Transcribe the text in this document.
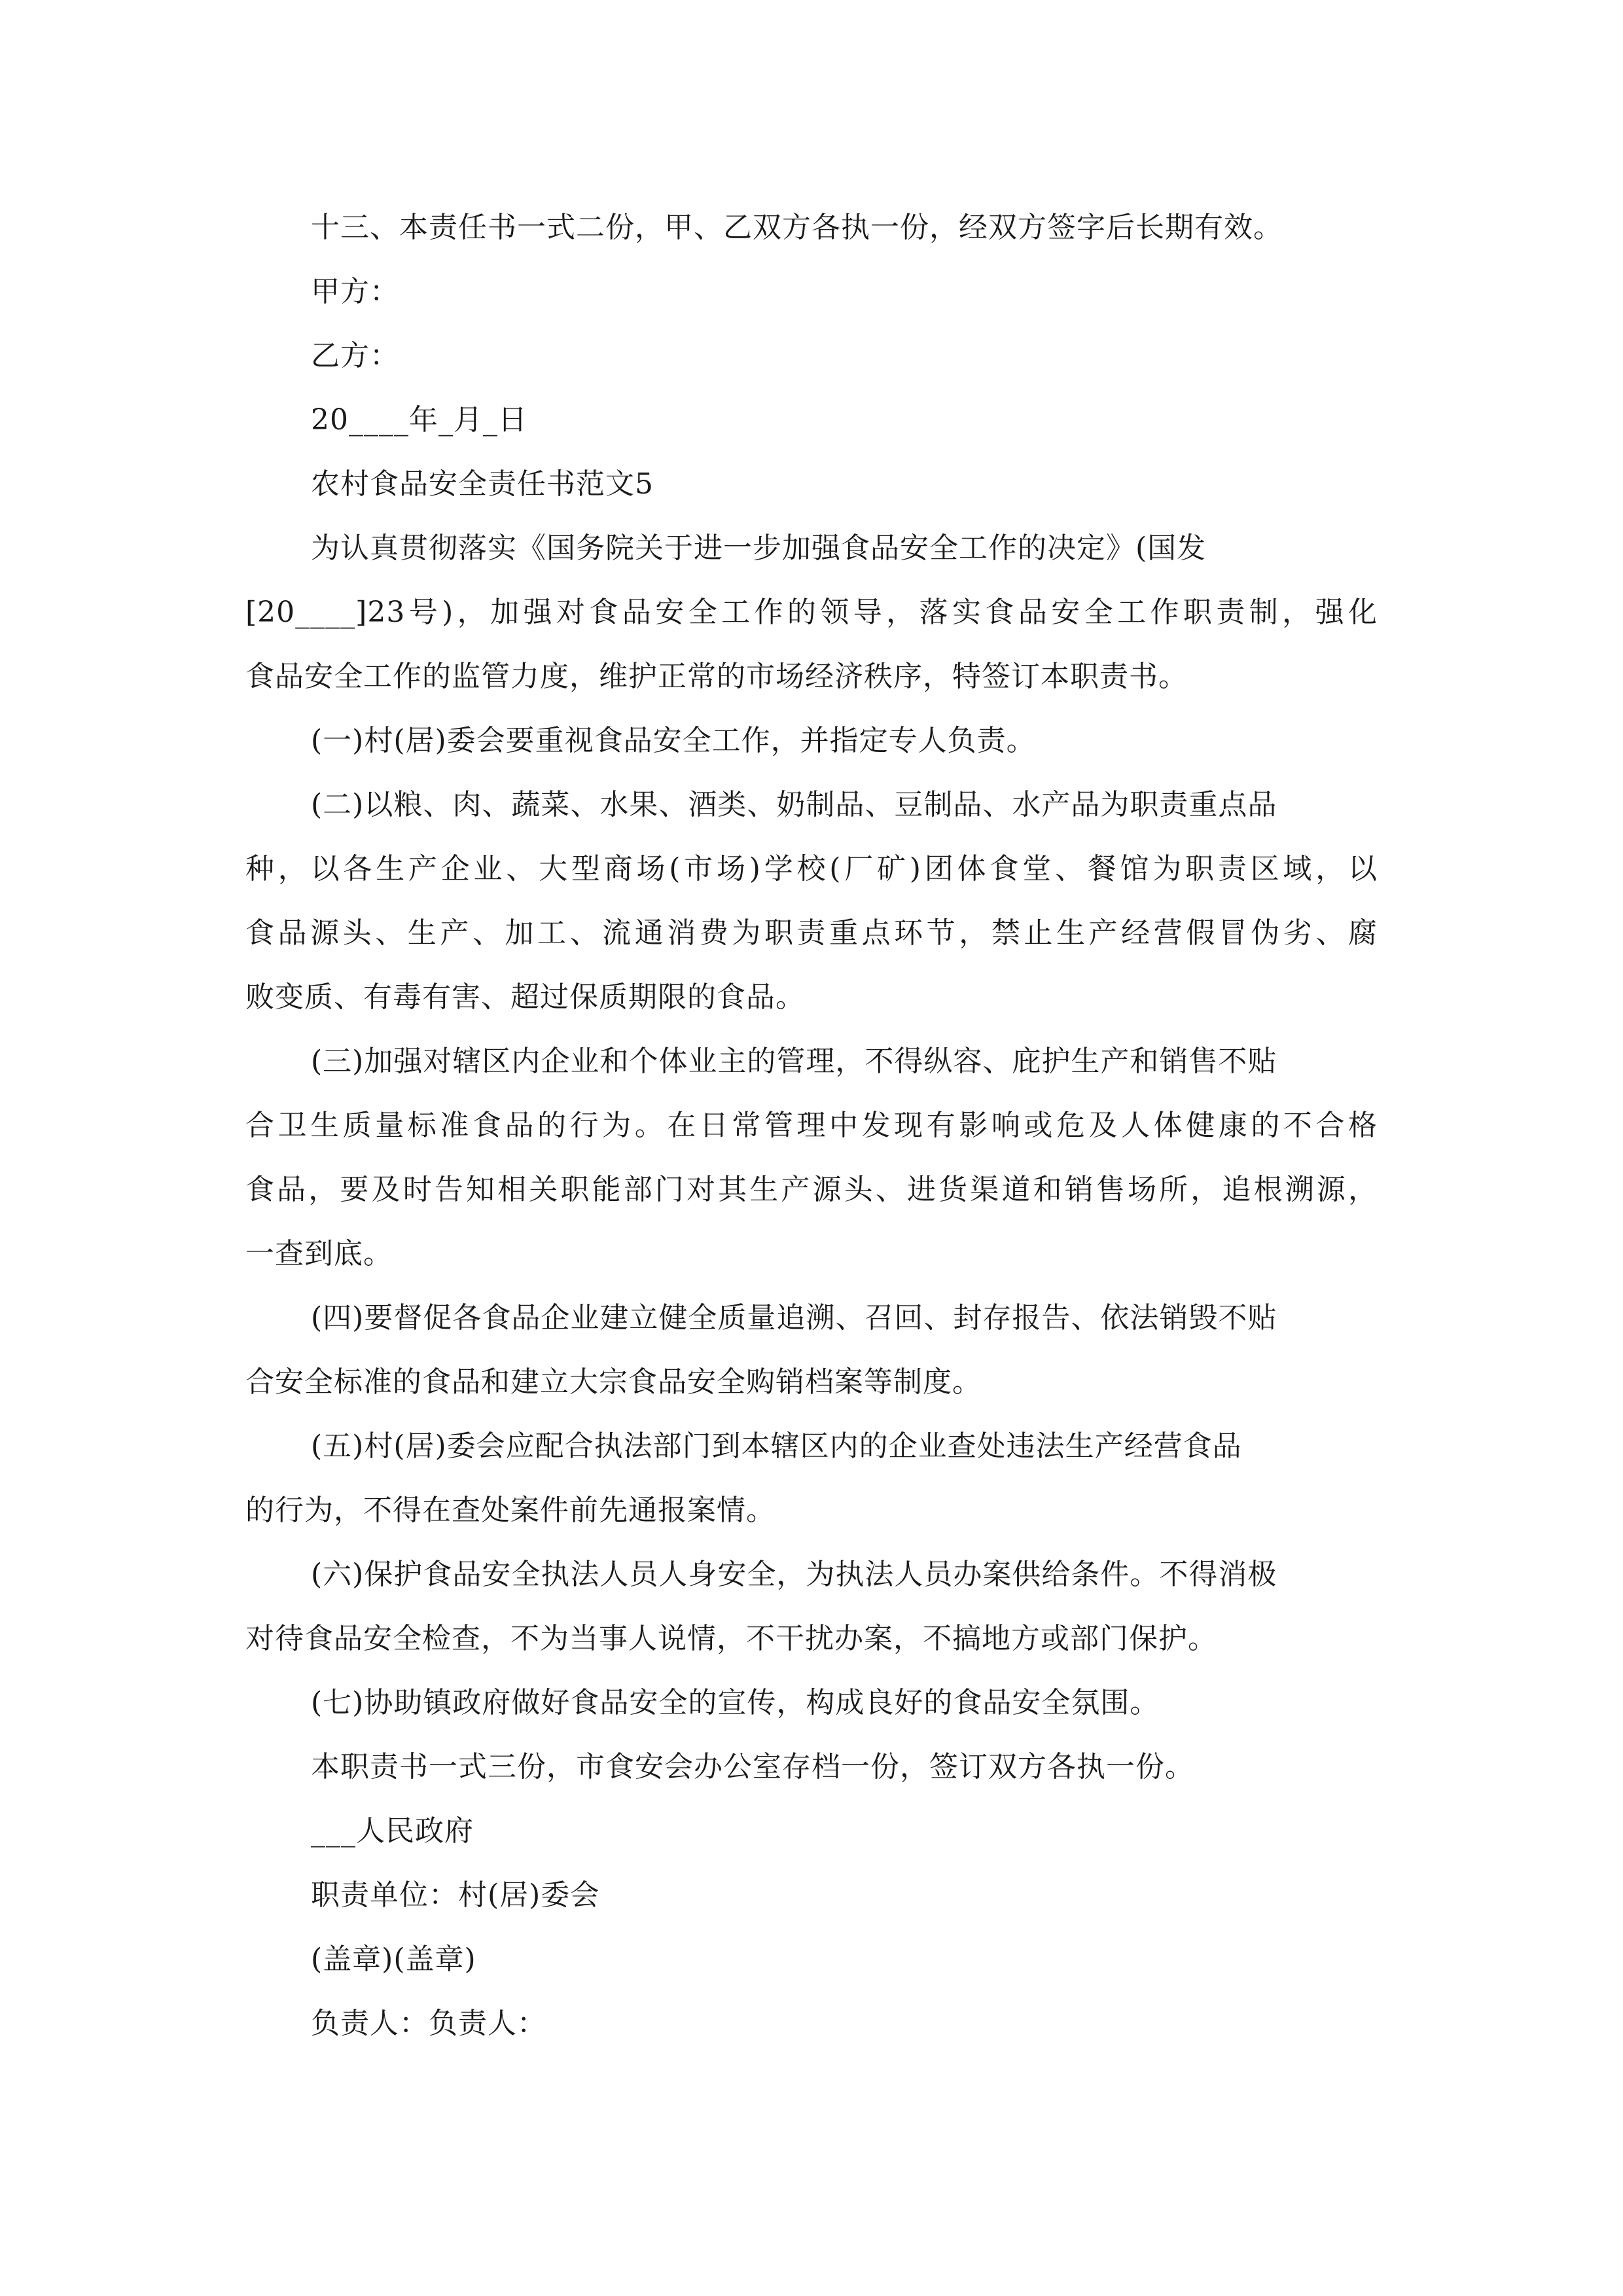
十三、本责任书一式二份，甲、乙双方各执一份，经双方签字后长期有效。
甲方：
乙方：
20____年_月_日
农村食品安全责任书范文5
为认真贯彻落实《国务院关于进一步加强食品安全工作的决定》(国发
[20____]23号)，加强对食品安全工作的领导，落实食品安全工作职责制，强化
食品安全工作的监管力度，维护正常的市场经济秩序，特签订本职责书。
(一)村(居)委会要重视食品安全工作，并指定专人负责。
(二)以粮、肉、蔬菜、水果、酒类、奶制品、豆制品、水产品为职责重点品
种，以各生产企业、大型商场(市场)学校(厂矿)团体食堂、餐馆为职责区域，以
食品源头、生产、加工、流通消费为职责重点环节，禁止生产经营假冒伪劣、腐
败变质、有毒有害、超过保质期限的食品。
(三)加强对辖区内企业和个体业主的管理，不得纵容、庇护生产和销售不贴
合卫生质量标准食品的行为。在日常管理中发现有影响或危及人体健康的不合格
食品，要及时告知相关职能部门对其生产源头、进货渠道和销售场所，追根溯源，
一查到底。
(四)要督促各食品企业建立健全质量追溯、召回、封存报告、依法销毁不贴
合安全标准的食品和建立大宗食品安全购销档案等制度。
(五)村(居)委会应配合执法部门到本辖区内的企业查处违法生产经营食品
的行为，不得在查处案件前先通报案情。
(六)保护食品安全执法人员人身安全，为执法人员办案供给条件。不得消极
对待食品安全检查，不为当事人说情，不干扰办案，不搞地方或部门保护。
(七)协助镇政府做好食品安全的宣传，构成良好的食品安全氛围。
本职责书一式三份，市食安会办公室存档一份，签订双方各执一份。
___人民政府
职责单位：村(居)委会
(盖章)(盖章)
负责人：负责人：
